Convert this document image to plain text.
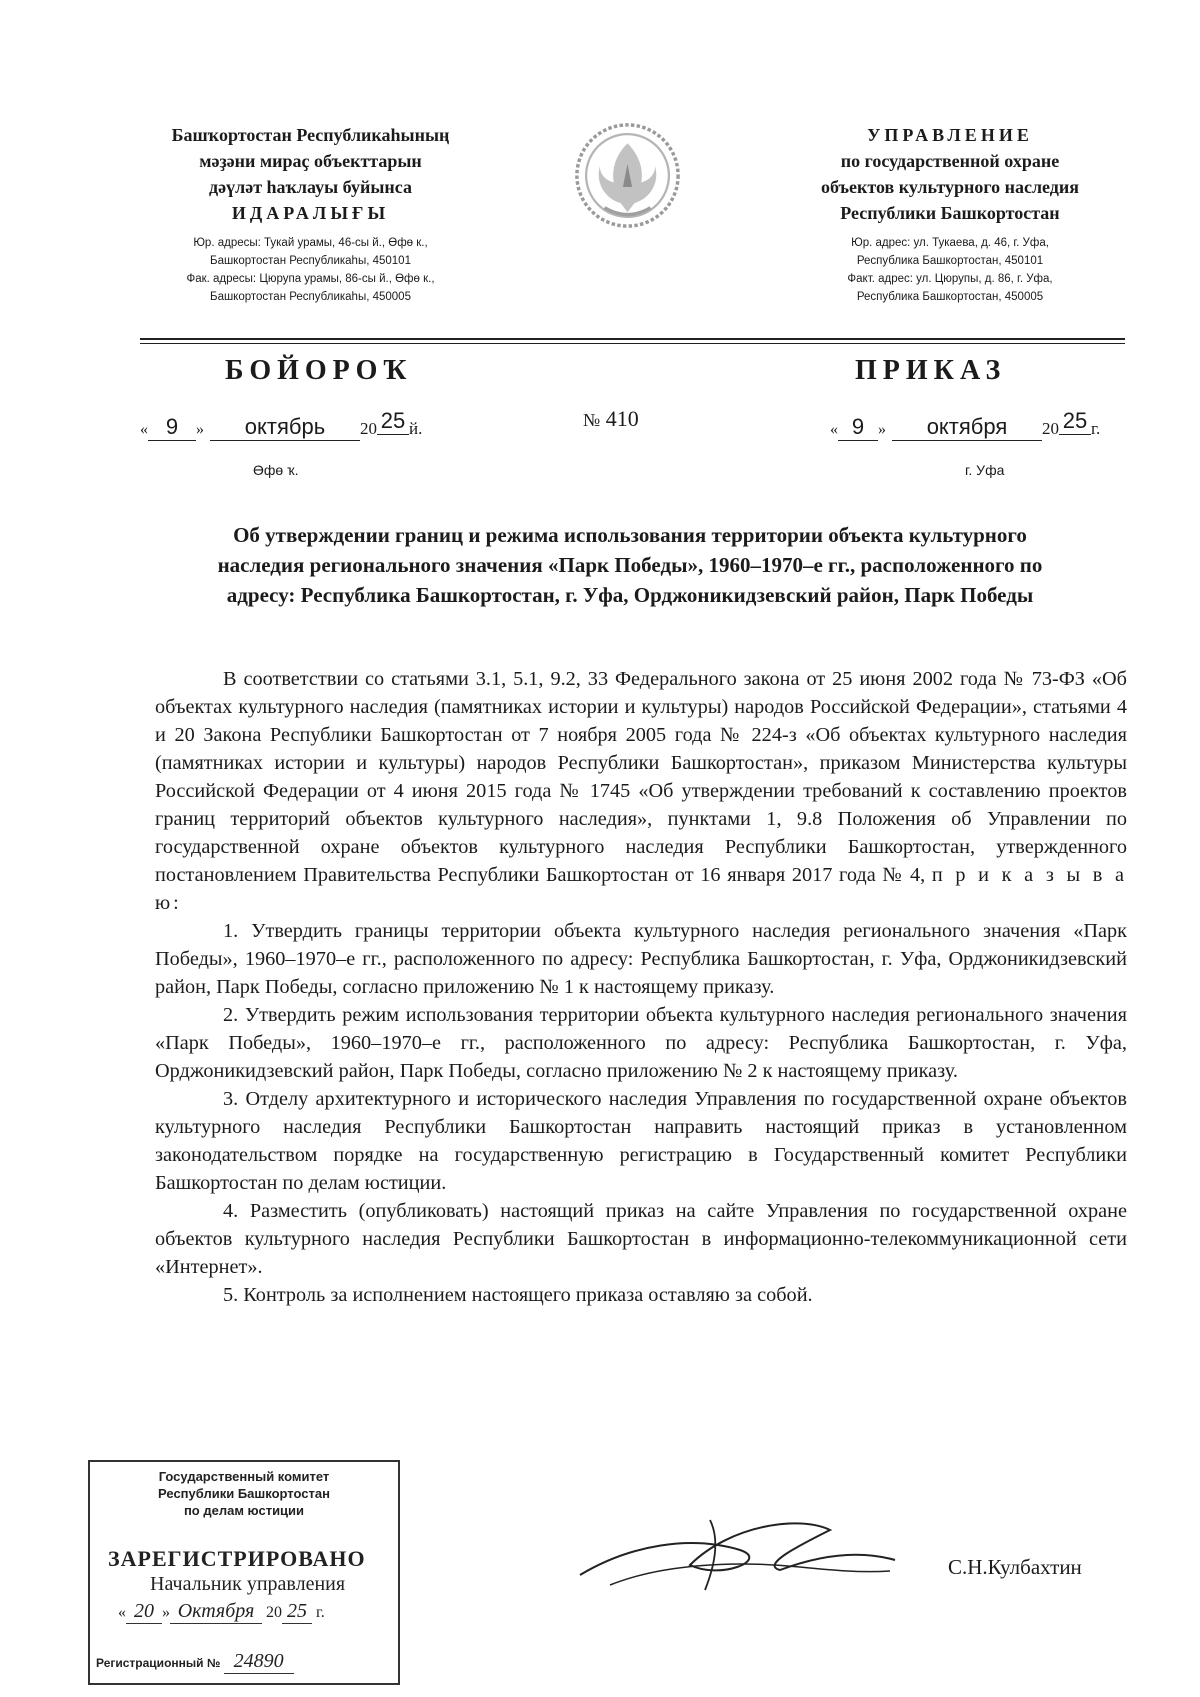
Башҡортостан Республикаһының
мәҙәни мираҫ объекттарын
дәүләт һаҡлауы буйынса
ИДАРАЛЫҒЫ
Юр. адресы: Тукай урамы, 46-сы й., Өфө к.,
Башкортостан Республикаһы, 450101
Фак. адресы: Цюрупа урамы, 86-сы й., Өфө к.,
Башкортостан Республикаһы, 450005
УПРАВЛЕНИЕ
по государственной охране
объектов культурного наследия
Республики Башкортостан
Юр. адрес: ул. Тукаева, д. 46, г. Уфа,
Республика Башкортостан, 450101
Факт. адрес: ул. Цюрупы, д. 86, г. Уфа,
Республика Башкортостан, 450005
БОЙОРОҠ	ПРИКАЗ
« 9 » октябрь 20 25 й.	№ 410	« 9 » октября 20 25 г.
Өфө ҡ.	г. Уфа
Об утверждении границ и режима использования территории объекта культурного наследия регионального значения «Парк Победы», 1960–1970–е гг., расположенного по адресу: Республика Башкортостан, г. Уфа, Орджоникидзевский район, Парк Победы

В соответствии со статьями 3.1, 5.1, 9.2, 33 Федерального закона от 25 июня 2002 года № 73-ФЗ «Об объектах культурного наследия (памятниках истории и культуры) народов Российской Федерации», статьями 4 и 20 Закона Республики Башкортостан от 7 ноября 2005 года № 224-з «Об объектах культурного наследия (памятниках истории и культуры) народов Республики Башкортостан», приказом Министерства культуры Российской Федерации от 4 июня 2015 года № 1745 «Об утверждении требований к составлению проектов границ территорий объектов культурного наследия», пунктами 1, 9.8 Положения об Управлении по государственной охране объектов культурного наследия Республики Башкортостан, утвержденного постановлением Правительства Республики Башкортостан от 16 января 2017 года № 4, п р и к а з ы в а ю:

1. Утвердить границы территории объекта культурного наследия регионального значения «Парк Победы», 1960–1970–е гг., расположенного по адресу: Республика Башкортостан, г. Уфа, Орджоникидзевский район, Парк Победы, согласно приложению № 1 к настоящему приказу.

2. Утвердить режим использования территории объекта культурного наследия регионального значения «Парк Победы», 1960–1970–е гг., расположенного по адресу: Республика Башкортостан, г. Уфа, Орджоникидзевский район, Парк Победы, согласно приложению № 2 к настоящему приказу.

3. Отделу архитектурного и исторического наследия Управления по государственной охране объектов культурного наследия Республики Башкортостан направить настоящий приказ в установленном законодательством порядке на государственную регистрацию в Государственный комитет Республики Башкортостан по делам юстиции.

4. Разместить (опубликовать) настоящий приказ на сайте Управления по государственной охране объектов культурного наследия Республики Башкортостан в информационно-телекоммуникационной сети «Интернет».

5. Контроль за исполнением настоящего приказа оставляю за собой.

С.Н.Кулбахтин
Государственный комитет
Республики Башкортостан
по делам юстиции
ЗАРЕГИСТРИРОВАНО
Начальник управления
« 20 » Октября 20 25 г.
Регистрационный № 24890
